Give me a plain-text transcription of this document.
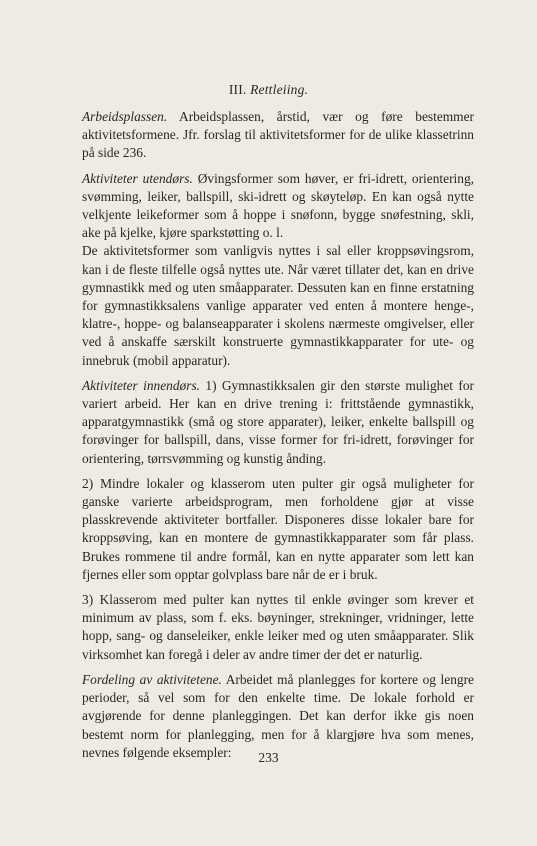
III. Rettleiing.

Arbeidsplassen. Arbeidsplassen, årstid, vær og føre bestemmer aktivitetsformene. Jfr. forslag til aktivitetsformer for de ulike klassetrinn på side 236.

Aktiviteter utendørs. Øvingsformer som høver, er fri-idrett, orientering, svømming, leiker, ballspill, ski-idrett og skøyteløp. En kan også nytte velkjente leikeformer som å hoppe i snøfonn, bygge snøfestning, skli, ake på kjelke, kjøre sparkstøtting o. l.

De aktivitetsformer som vanligvis nyttes i sal eller kroppsøvingsrom, kan i de fleste tilfelle også nyttes ute. Når været tillater det, kan en drive gymnastikk med og uten småapparater. Dessuten kan en finne erstatning for gymnastikksalens vanlige apparater ved enten å montere henge-, klatre-, hoppe- og balanseapparater i skolens nærmeste omgivelser, eller ved å anskaffe særskilt konstruerte gymnastikkapparater for ute- og innebruk (mobil apparatur).

Aktiviteter innendørs. 1) Gymnastikksalen gir den største mulighet for variert arbeid. Her kan en drive trening i: frittstående gymnastikk, apparatgymnastikk (små og store apparater), leiker, enkelte ballspill og forøvinger for ballspill, dans, visse former for fri-idrett, forøvinger for orientering, tørrsvømming og kunstig ånding.

2) Mindre lokaler og klasserom uten pulter gir også muligheter for ganske varierte arbeidsprogram, men forholdene gjør at visse plasskrevende aktiviteter bortfaller. Disponeres disse lokaler bare for kroppsøving, kan en montere de gymnastikkapparater som får plass. Brukes rommene til andre formål, kan en nytte apparater som lett kan fjernes eller som opptar golvplass bare når de er i bruk.

3) Klasserom med pulter kan nyttes til enkle øvinger som krever et minimum av plass, som f. eks. bøyninger, strekninger, vridninger, lette hopp, sang- og danseleiker, enkle leiker med og uten småapparater. Slik virksomhet kan foregå i deler av andre timer der det er naturlig.

Fordeling av aktivitetene. Arbeidet må planlegges for kortere og lengre perioder, så vel som for den enkelte time. De lokale forhold er avgjørende for denne planleggingen. Det kan derfor ikke gis noen bestemt norm for planlegging, men for å klargjøre hva som menes, nevnes følgende eksempler:	233
